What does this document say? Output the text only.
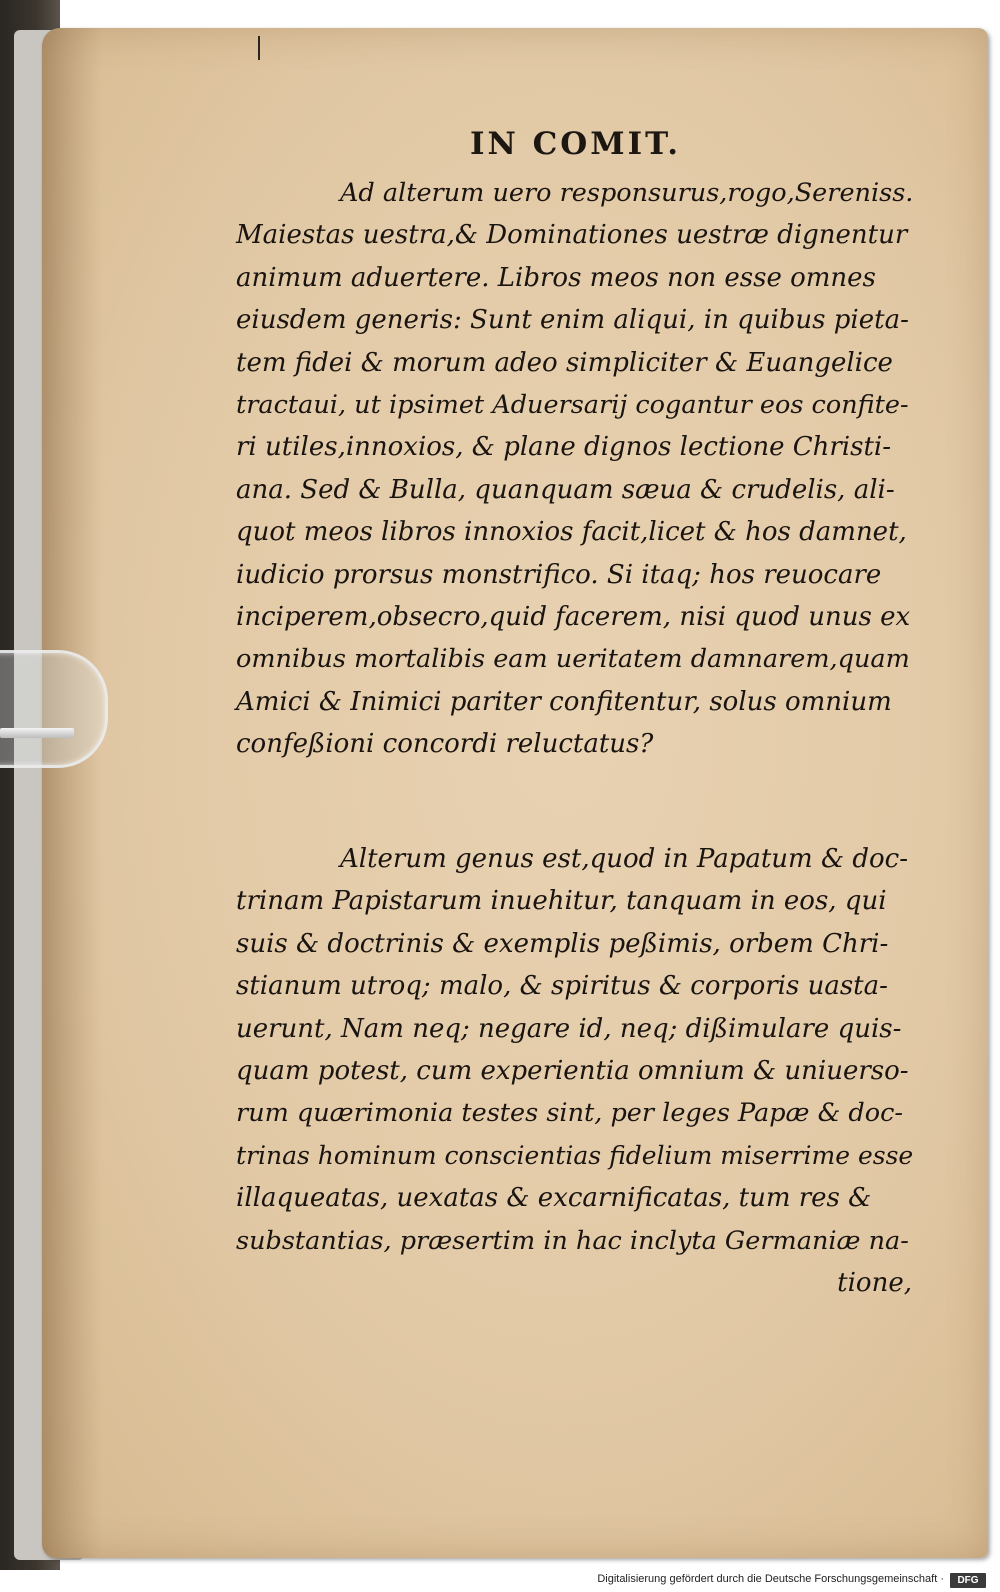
IN COMIT.
Ad alterum uero responsurus,rogo,Sereniss.
Maiestas uestra,& Dominationes uestræ dignentur
animum aduertere. Libros meos non esse omnes
eiusdem generis: Sunt enim aliqui, in quibus pieta-
tem fidei & morum adeo simpliciter & Euangelice
tractaui, ut ipsimet Aduersarij cogantur eos confite-
ri utiles,innoxios, & plane dignos lectione Christi-
ana. Sed & Bulla, quanquam sæua & crudelis, ali-
quot meos libros innoxios facit,licet & hos damnet,
iudicio prorsus monstrifico. Si itaq; hos reuocare
inciperem,obsecro,quid facerem, nisi quod unus ex
omnibus mortalibis eam ueritatem damnarem,quam
Amici & Inimici pariter confitentur, solus omnium
confeßioni concordi reluctatus?
Alterum genus est,quod in Papatum & doc-
trinam Papistarum inuehitur, tanquam in eos, qui
suis & doctrinis & exemplis peßimis, orbem Chri-
stianum utroq; malo, & spiritus & corporis uasta-
uerunt, Nam neq; negare id, neq; dißimulare quis-
quam potest, cum experientia omnium & uniuerso-
rum quærimonia testes sint, per leges Papæ & doc-
trinas hominum conscientias fidelium miserrime esse
illaqueatas, uexatas & excarnificatas, tum res &
substantias, præsertim in hac inclyta Germaniæ na-
tione,
Digitalisierung gefördert durch die Deutsche Forschungsgemeinschaft ·	DFG
